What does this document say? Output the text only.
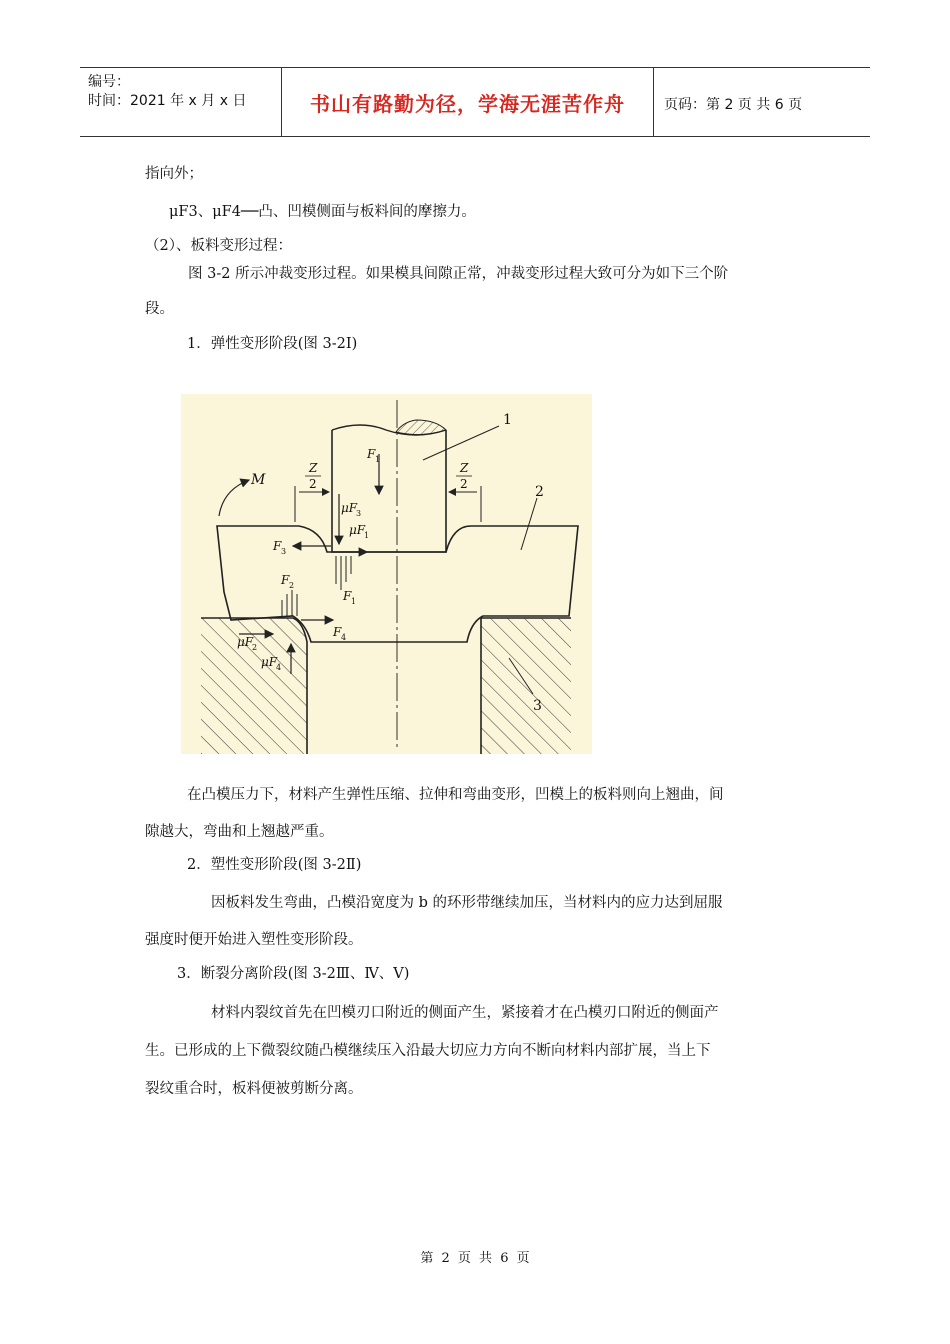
编号：
时间：2021 年 x 月 x 日	书山有路勤为径，学海无涯苦作舟	页码：第 2 页 共 6 页
指向外；
μF3、μF4──凸、凹模侧面与板料间的摩擦力。
（2）、板料变形过程：
图 3-2 所示冲裁变形过程。如果模具间隙正常，冲裁变形过程大致可分为如下三个阶
段。
1．弹性变形阶段(图 3-2Ⅰ)
1
2
3
M
Z
2
Z
2
F 1
F 1
F 2
F 3
F 4
μF
3
μF
1
μF
2
μF
4
在凸模压力下，材料产生弹性压缩、拉伸和弯曲变形，凹模上的板料则向上翘曲，间
隙越大，弯曲和上翘越严重。
2．塑性变形阶段(图 3-2Ⅱ)
因板料发生弯曲，凸模沿宽度为 b 的环形带继续加压，当材料内的应力达到屈服
强度时便开始进入塑性变形阶段。
3．断裂分离阶段(图 3-2Ⅲ、Ⅳ、Ⅴ)
材料内裂纹首先在凹模刃口附近的侧面产生，紧接着才在凸模刃口附近的侧面产
生。已形成的上下微裂纹随凸模继续压入沿最大切应力方向不断向材料内部扩展，当上下
裂纹重合时，板料便被剪断分离。
第 2 页 共 6 页
